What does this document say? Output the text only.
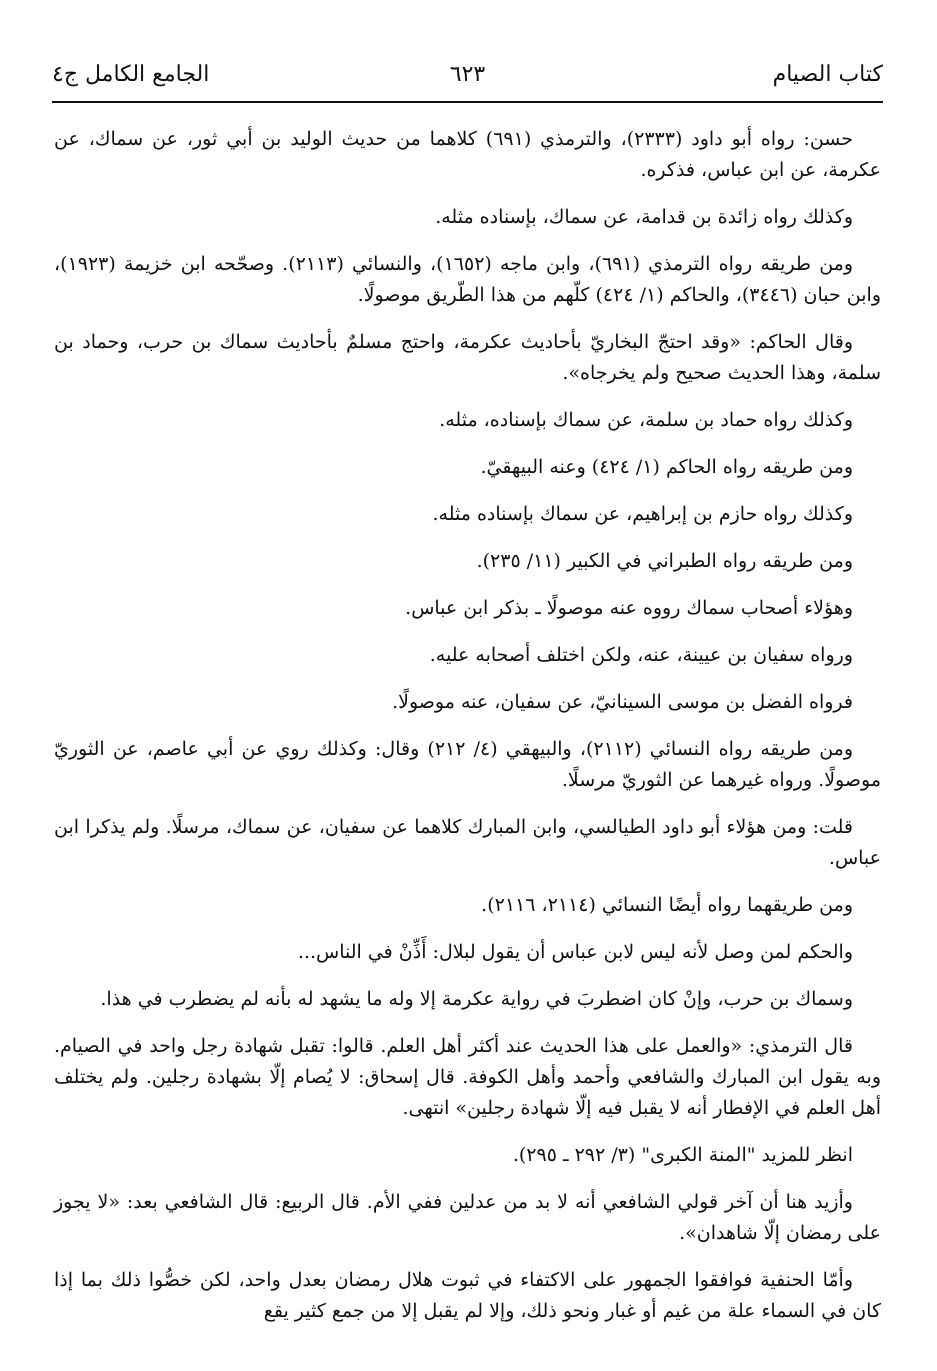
كتاب الصيام
٦٢٣
الجامع الكامل ج٤

حسن: رواه أبو داود (٢٣٣٣)، والترمذي (٦٩١) كلاهما من حديث الوليد بن أبي ثور، عن سماك، عن عكرمة، عن ابن عباس، فذكره.

وكذلك رواه زائدة بن قدامة، عن سماك، بإسناده مثله.

ومن طريقه رواه الترمذي (٦٩١)، وابن ماجه (١٦٥٢)، والنسائي (٢١١٣). وصحّحه ابن خزيمة (١٩٢٣)، وابن حبان (٣٤٤٦)، والحاكم (١/ ٤٢٤) كلّهم من هذا الطّريق موصولًا.

وقال الحاكم: «وقد احتجّ البخاريّ بأحاديث عكرمة، واحتج مسلمٌ بأحاديث سماك بن حرب، وحماد بن سلمة، وهذا الحديث صحيح ولم يخرجاه».

وكذلك رواه حماد بن سلمة، عن سماك بإسناده، مثله.

ومن طريقه رواه الحاكم (١/ ٤٢٤) وعنه البيهقيّ.

وكذلك رواه حازم بن إبراهيم، عن سماك بإسناده مثله.

ومن طريقه رواه الطبراني في الكبير (١١/ ٢٣٥).

وهؤلاء أصحاب سماك رووه عنه موصولًا ـ بذكر ابن عباس.

ورواه سفيان بن عيينة، عنه، ولكن اختلف أصحابه عليه.

فرواه الفضل بن موسى السينانيّ، عن سفيان، عنه موصولًا.

ومن طريقه رواه النسائي (٢١١٢)، والبيهقي (٤/ ٢١٢) وقال: وكذلك روي عن أبي عاصم، عن الثوريّ موصولًا. ورواه غيرهما عن الثوريّ مرسلًا.

قلت: ومن هؤلاء أبو داود الطيالسي، وابن المبارك كلاهما عن سفيان، عن سماك، مرسلًا. ولم يذكرا ابن عباس.

ومن طريقهما رواه أيضًا النسائي (٢١١٤، ٢١١٦).

والحكم لمن وصل لأنه ليس لابن عباس أن يقول لبلال: أَذِّنْ في الناس...

وسماك بن حرب، وإنْ كان اضطربَ في رواية عكرمة إلا وله ما يشهد له بأنه لم يضطرب في هذا.

قال الترمذي: «والعمل على هذا الحديث عند أكثر أهل العلم. قالوا: تقبل شهادة رجل واحد في الصيام. وبه يقول ابن المبارك والشافعي وأحمد وأهل الكوفة. قال إسحاق: لا يُصام إلّا بشهادة رجلين. ولم يختلف أهل العلم في الإفطار أنه لا يقبل فيه إلّا شهادة رجلين» انتهى.

انظر للمزيد "المنة الكبرى" (٣/ ٢٩٢ ـ ٢٩٥).

وأزيد هنا أن آخر قولي الشافعي أنه لا بد من عدلين ففي الأم. قال الربيع: قال الشافعي بعد: «لا يجوز على رمضان إلّا شاهدان».

وأمّا الحنفية فوافقوا الجمهور على الاكتفاء في ثبوت هلال رمضان بعدل واحد، لكن خصُّوا ذلك بما إذا كان في السماء علة من غيم أو غبار ونحو ذلك، وإلا لم يقبل إلا من جمع كثير يقع
